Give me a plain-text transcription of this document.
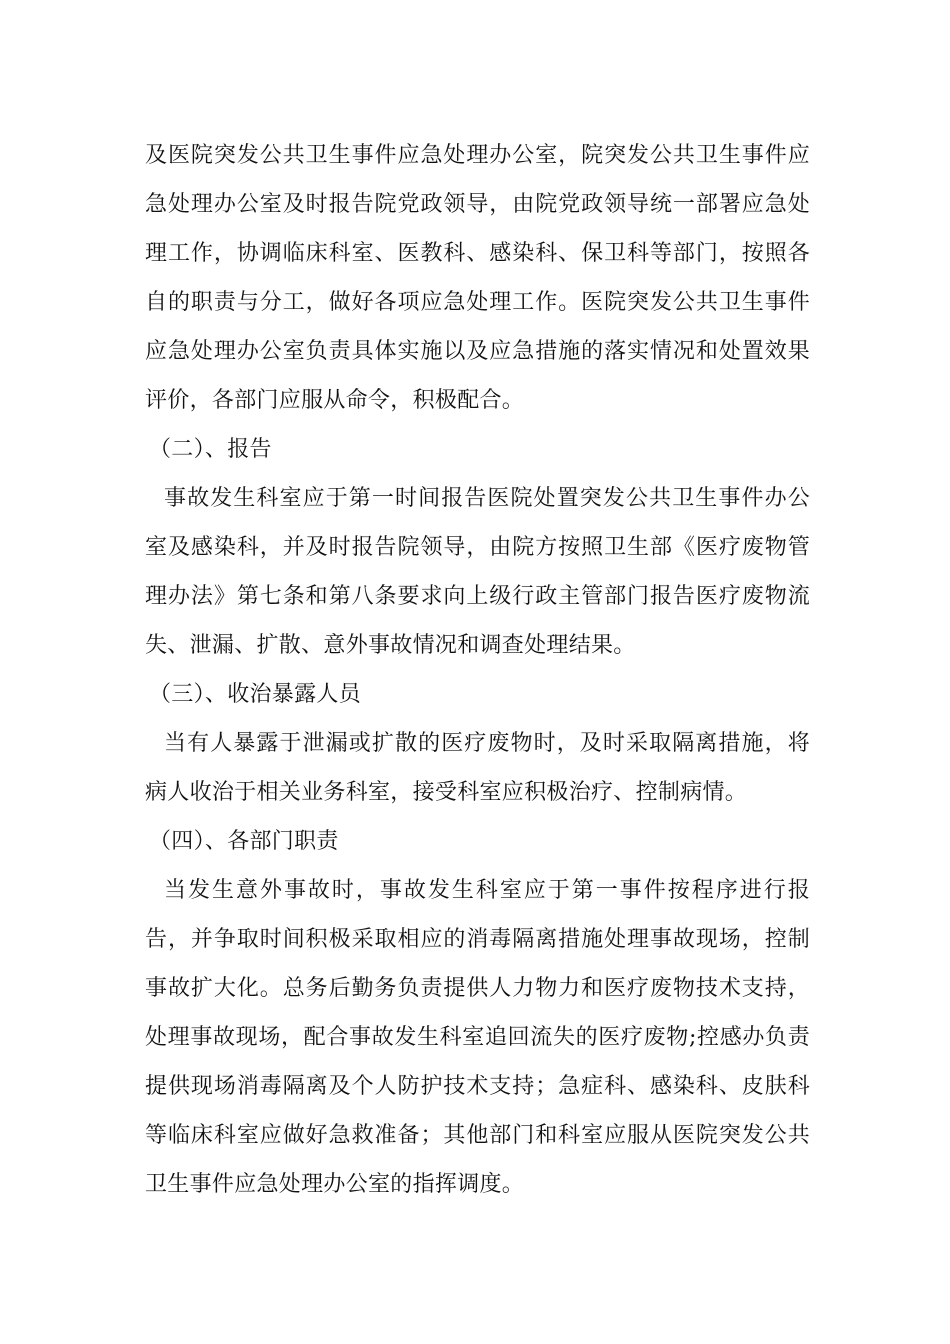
及医院突发公共卫生事件应急处理办公室，院突发公共卫生事件应急处理办公室及时报告院党政领导，由院党政领导统一部署应急处理工作，协调临床科室、医教科、感染科、保卫科等部门，按照各自的职责与分工，做好各项应急处理工作。医院突发公共卫生事件应急处理办公室负责具体实施以及应急措施的落实情况和处置效果评价，各部门应服从命令，积极配合。

（二）、报告

事故发生科室应于第一时间报告医院处置突发公共卫生事件办公室及感染科，并及时报告院领导，由院方按照卫生部《医疗废物管理办法》第七条和第八条要求向上级行政主管部门报告医疗废物流失、泄漏、扩散、意外事故情况和调查处理结果。

（三）、收治暴露人员

当有人暴露于泄漏或扩散的医疗废物时，及时采取隔离措施，将病人收治于相关业务科室，接受科室应积极治疗、控制病情。

（四）、各部门职责

当发生意外事故时，事故发生科室应于第一事件按程序进行报告，并争取时间积极采取相应的消毒隔离措施处理事故现场，控制事故扩大化。总务后勤务负责提供人力物力和医疗废物技术支持，处理事故现场，配合事故发生科室追回流失的医疗废物;控感办负责提供现场消毒隔离及个人防护技术支持；急症科、感染科、皮肤科等临床科室应做好急救准备；其他部门和科室应服从医院突发公共卫生事件应急处理办公室的指挥调度。
